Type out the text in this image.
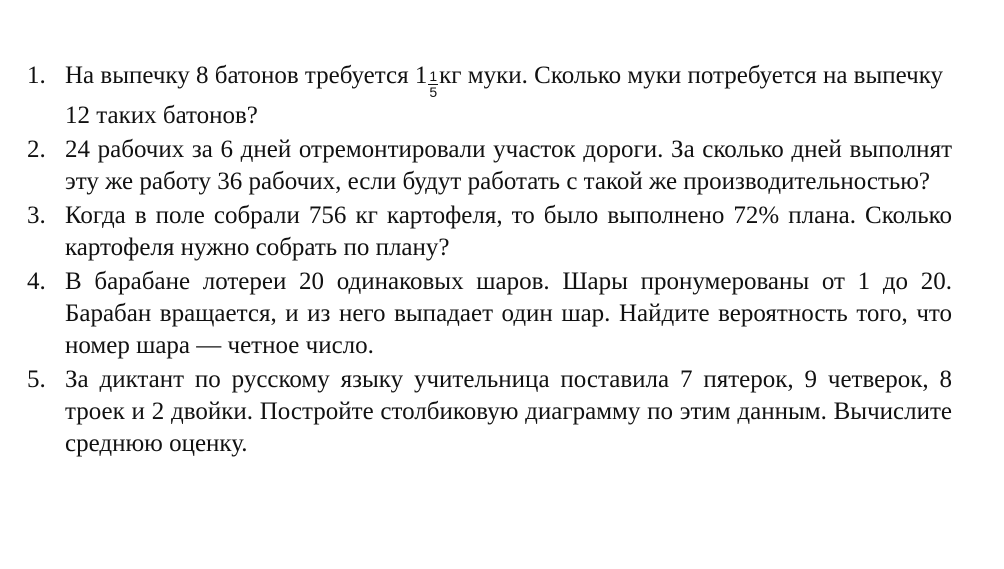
1. На выпечку 8 батонов требуется $1 \frac{1}{5}$ кг муки. Сколько муки потребуется на выпечку 12 таких батонов?
2. 24 рабочих за 6 дней отремонтировали участок дороги. За сколько дней выполнят эту же работу 36 рабочих, если будут работать с такой же производительностью?
3. Когда в поле собрали 756 кг картофеля, то было выполнено 72% плана. Сколько картофеля нужно собрать по плану?
4. В барабане лотереи 20 одинаковых шаров. Шары пронумерованы от 1 до 20. Барабан вращается, и из него выпадает один шар. Найдите вероятность того, что номер шара — четное число.
5. За диктант по русскому языку учительница поставила 7 пятерок, 9 четверок, 8 троек и 2 двойки. Постройте столбиковую диаграмму по этим данным. Вычислите среднюю оценку.
